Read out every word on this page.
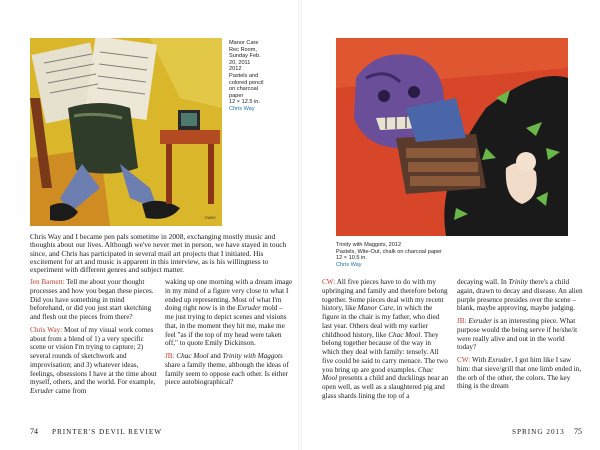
CWAY
Manor Care
Rec Room,
Sunday Feb.
20, 2011
2012
Pastels and
colored pencil
on charcoal
paper
12 × 12.5 in.

Chris Way
Chris Way and I became pen pals sometime in 2008, exchanging mostly music and thoughts about our lives. Although we've never met in person, we have stayed in touch since, and Chris has participated in several mail art projects that I initiated. His excitement for art and music is apparent in this interview, as is his willingness to experiment with different genres and subject matter.

Jen Barnett: Tell me about your thought processes and how you began these pieces. Did you have something in mind beforehand, or did you just start sketching and flesh out the pieces from there?

Chris Way: Most of my visual work comes about from a blend of 1) a very specific scene or vision I'm trying to capture; 2) several rounds of sketchwork and improvisation; and 3) whatever ideas, feelings, obsessions I have at the time about myself, others, and the world. For example, Exruder came from

waking up one morning with a dream image in my mind of a figure very close to what I ended up representing. Most of what I'm doing right now is in the Exruder mold – me just trying to depict scenes and visions that, in the moment they hit me, make me feel "as if the top of my head were taken off," to quote Emily Dickinson.

JB: Chac Mool and Trinity with Maggots share a family theme, although the ideas of family seem to oppose each other. Is either piece autobiographical?

74 PRINTER'S DEVIL REVIEW
Trinity with Maggots, 2012
Pastels, Wite-Out, chalk on charcoal paper
12 × 10.5 in.

Chris Way

CW: All five pieces have to do with my upbringing and family and therefore belong together. Some pieces deal with my recent history, like Manor Care, in which the figure in the chair is my father, who died last year. Others deal with my earlier childhood history, like Chac Mool. They belong together because of the way in which they deal with family: tensely. All five could be said to carry menace. The two you bring up are good examples. Chac Mool presents a child and ducklings near an open well, as well as a slaughtered pig and glass shards lining the top of a

decaying wall. In Trinity there's a child again, drawn to decay and disease. An alien purple presence presides over the scene – blank, maybe approving, maybe judging.

JB: Exruder is an interesting piece. What purpose would the being serve if he/she/it were really alive and out in the world today?

CW: With Exruder, I got him like I saw him: that sieve/grill that one limb ended in, the orb of the other, the colors. The key thing is the dream

SPRING 2013 75
